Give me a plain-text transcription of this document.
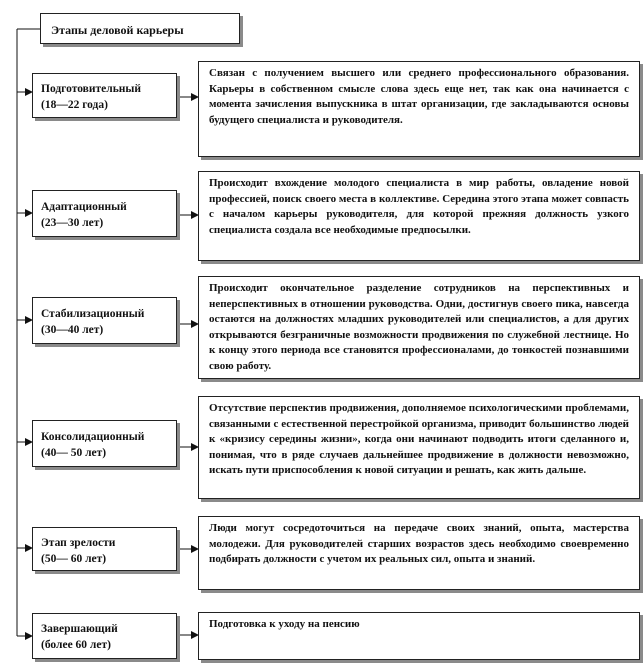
Этапы деловой карьеры
Подготовительный
(18—22 года)
Связан с получением высшего или среднего профессионального образования. Карьеры в собственном смысле слова здесь еще нет, так как она начинается с момента зачисления выпускника в штат организации, где закладываются основы будущего специалиста и руководителя.
Адаптационный
(23—30 лет)
Происходит вхождение молодого специалиста в мир работы, овладение новой профессией, поиск своего места в коллективе. Середина этого этапа может совпасть с началом карьеры руководителя, для которой прежняя должность узкого специалиста создала все необходимые предпосылки.
Стабилизационный
(30—40 лет)
Происходит окончательное разделение сотрудников на перспективных и неперспективных в отношении руководства. Одни, достигнув своего пика, навсегда остаются на должностях младших руководителей или специалистов, а для других открываются безграничные возможности продвижения по служебной лестнице. Но к концу этого периода все становятся профессионалами, до тонкостей познавшими свою работу.
Консолидационный
(40— 50 лет)
Отсутствие перспектив продвижения, дополняемое психологическими проблемами, связанными с естественной перестройкой организма, приводит большинство людей к «кризису середины жизни», когда они начинают подводить итоги сделанного и, понимая, что в ряде случаев дальнейшее продвижение в должности невозможно, искать пути приспособления к новой ситуации и решать, как жить дальше.
Этап зрелости
(50— 60 лет)
Люди могут сосредоточиться на передаче своих знаний, опыта, мастерства молодежи. Для руководителей старших возрастов здесь необходимо своевременно подбирать должности с учетом их реальных сил, опыта и знаний.
Завершающий
(более 60 лет)
Подготовка к уходу на пенсию
